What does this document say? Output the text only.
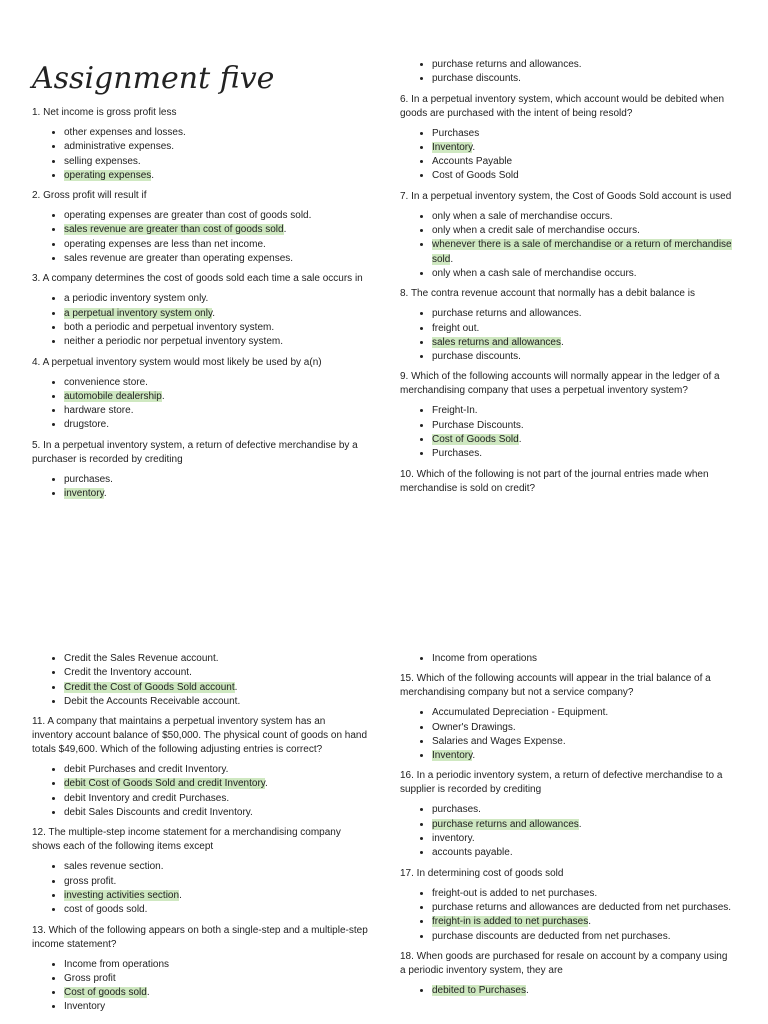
Assignment five
1. Net income is gross profit less
• other expenses and losses.
• administrative expenses.
• selling expenses.
• operating expenses.
2. Gross profit will result if
• operating expenses are greater than cost of goods sold.
• sales revenue are greater than cost of goods sold.
• operating expenses are less than net income.
• sales revenue are greater than operating expenses.
3. A company determines the cost of goods sold each time a sale occurs in
• a periodic inventory system only.
• a perpetual inventory system only.
• both a periodic and perpetual inventory system.
• neither a periodic nor perpetual inventory system.
4. A perpetual inventory system would most likely be used by a(n)
• convenience store.
• automobile dealership.
• hardware store.
• drugstore.
5. In a perpetual inventory system, a return of defective merchandise by a purchaser is recorded by crediting
• purchases.
• inventory.
• purchase returns and allowances.
• purchase discounts.
6. In a perpetual inventory system, which account would be debited when goods are purchased with the intent of being resold?
• Purchases
• Inventory.
• Accounts Payable
• Cost of Goods Sold
7. In a perpetual inventory system, the Cost of Goods Sold account is used
• only when a sale of merchandise occurs.
• only when a credit sale of merchandise occurs.
• whenever there is a sale of merchandise or a return of merchandise sold.
• only when a cash sale of merchandise occurs.
8. The contra revenue account that normally has a debit balance is
• purchase returns and allowances.
• freight out.
• sales returns and allowances.
• purchase discounts.
9. Which of the following accounts will normally appear in the ledger of a merchandising company that uses a perpetual inventory system?
• Freight-In.
• Purchase Discounts.
• Cost of Goods Sold.
• Purchases.
10. Which of the following is not part of the journal entries made when merchandise is sold on credit?
• Credit the Sales Revenue account.
• Credit the Inventory account.
• Credit the Cost of Goods Sold account.
• Debit the Accounts Receivable account.
11. A company that maintains a perpetual inventory system has an inventory account balance of $50,000. The physical count of goods on hand totals $49,600. Which of the following adjusting entries is correct?
• debit Purchases and credit Inventory.
• debit Cost of Goods Sold and credit Inventory.
• debit Inventory and credit Purchases.
• debit Sales Discounts and credit Inventory.
12. The multiple-step income statement for a merchandising company shows each of the following items except
• sales revenue section.
• gross profit.
• investing activities section.
• cost of goods sold.
13. Which of the following appears on both a single-step and a multiple-step income statement?
• Income from operations
• Gross profit
• Cost of goods sold.
• Inventory
• Income from operations
15. Which of the following accounts will appear in the trial balance of a merchandising company but not a service company?
• Accumulated Depreciation - Equipment.
• Owner's Drawings.
• Salaries and Wages Expense.
• Inventory.
16. In a periodic inventory system, a return of defective merchandise to a supplier is recorded by crediting
• purchases.
• purchase returns and allowances.
• inventory.
• accounts payable.
17. In determining cost of goods sold
• freight-out is added to net purchases.
• purchase returns and allowances are deducted from net purchases.
• freight-in is added to net purchases.
• purchase discounts are deducted from net purchases.
18. When goods are purchased for resale on account by a company using a periodic inventory system, they are
• debited to Purchases.
